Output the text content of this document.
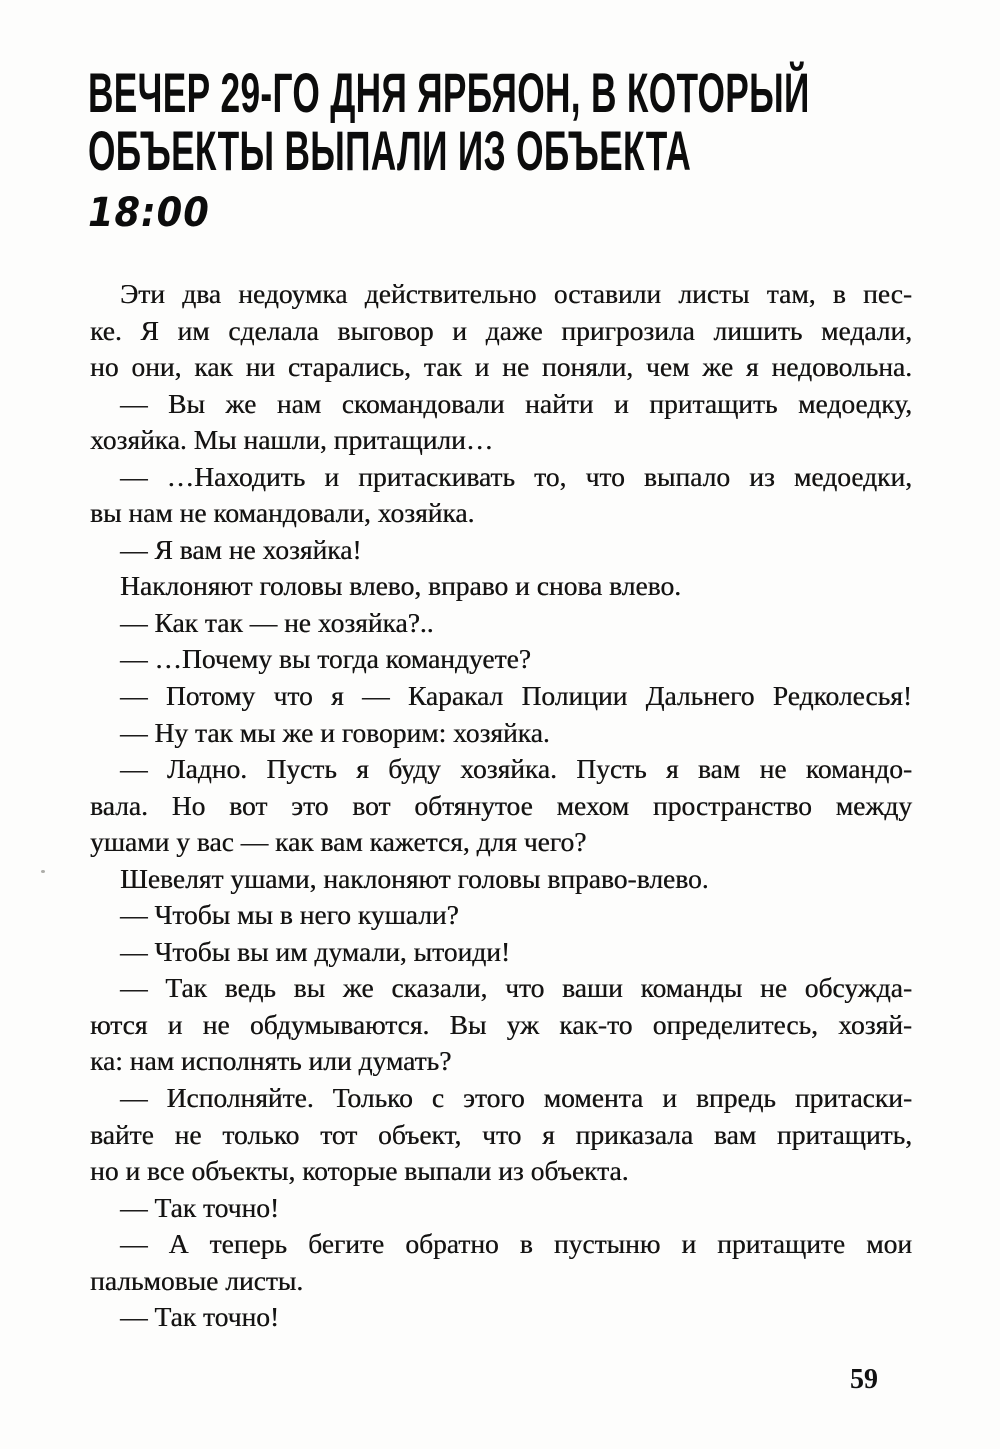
ВЕЧЕР 29-ГО ДНЯ ЯРБЯОН, В КОТОРЫЙ
ОБЪЕКТЫ ВЫПАЛИ ИЗ ОБЪЕКТА
18:00
Эти два недоумка действительно оставили листы там, в пес-
ке. Я им сделала выговор и даже пригрозила лишить медали,
но они, как ни старались, так и не поняли, чем же я недовольна.
— Вы же нам скомандовали найти и притащить медоедку,
хозяйка. Мы нашли, притащили…
— …Находить и притаскивать то, что выпало из медоедки,
вы нам не командовали, хозяйка.
— Я вам не хозяйка!
Наклоняют головы влево, вправо и снова влево.
— Как так — не хозяйка?..
— …Почему вы тогда командуете?
— Потому что я — Каракал Полиции Дальнего Редколесья!
— Ну так мы же и говорим: хозяйка.
— Ладно. Пусть я буду хозяйка. Пусть я вам не командо-
вала. Но вот это вот обтянутое мехом пространство между
ушами у вас — как вам кажется, для чего?
Шевелят ушами, наклоняют головы вправо-влево.
— Чтобы мы в него кушали?
— Чтобы вы им думали, ытоиди!
— Так ведь вы же сказали, что ваши команды не обсужда-
ются и не обдумываются. Вы уж как-то определитесь, хозяй-
ка: нам исполнять или думать?
— Исполняйте. Только с этого момента и впредь притаски-
вайте не только тот объект, что я приказала вам притащить,
но и все объекты, которые выпали из объекта.
— Так точно!
— А теперь бегите обратно в пустыню и притащите мои
пальмовые листы.
— Так точно!
59
